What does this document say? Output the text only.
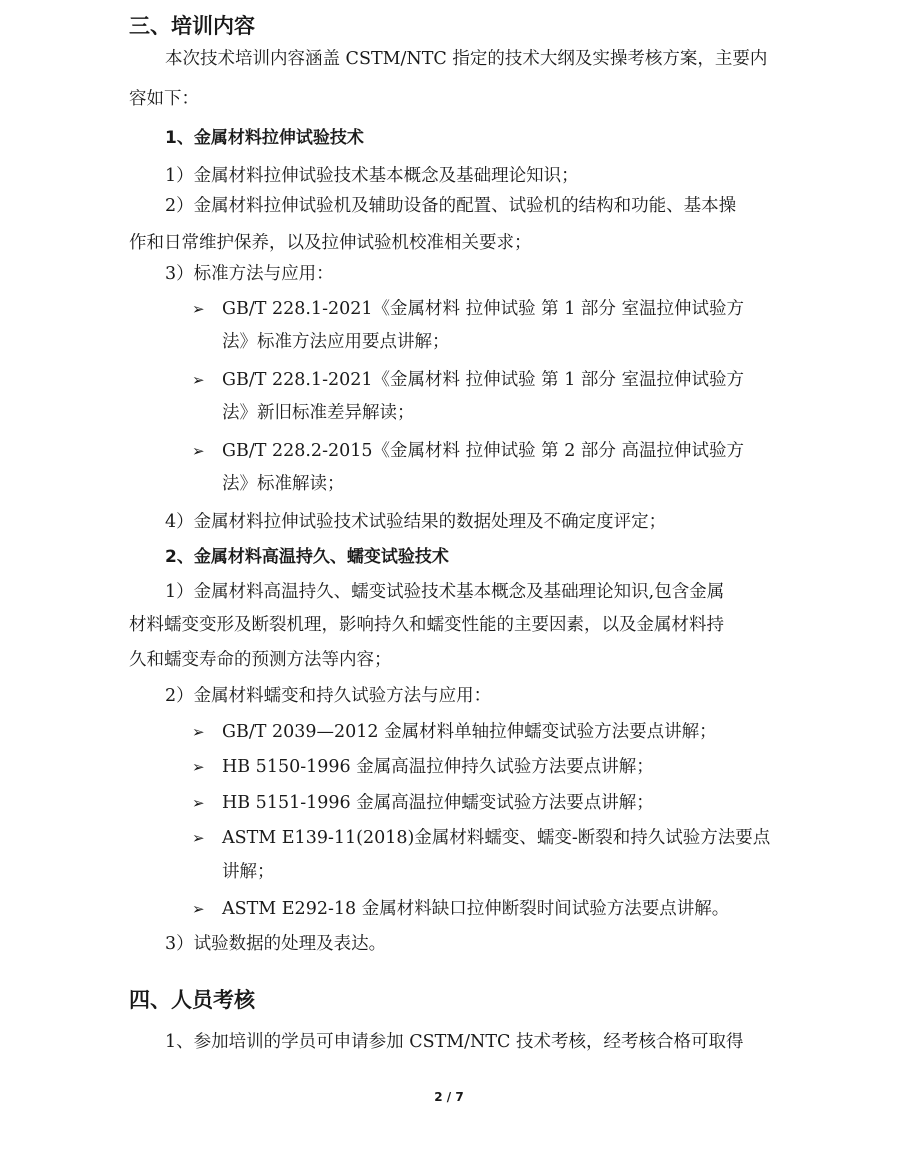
三、培训内容
本次技术培训内容涵盖 CSTM/NTC 指定的技术大纲及实操考核方案，主要内
容如下：
1、金属材料拉伸试验技术
1）金属材料拉伸试验技术基本概念及基础理论知识；
2）金属材料拉伸试验机及辅助设备的配置、试验机的结构和功能、基本操
作和日常维护保养，以及拉伸试验机校准相关要求；
3）标准方法与应用：
➢ GB/T 228.1-2021《金属材料 拉伸试验 第 1 部分 室温拉伸试验方
法》标准方法应用要点讲解；
➢ GB/T 228.1-2021《金属材料 拉伸试验 第 1 部分 室温拉伸试验方
法》新旧标准差异解读；
➢ GB/T 228.2-2015《金属材料 拉伸试验 第 2 部分 高温拉伸试验方
法》标准解读；
4）金属材料拉伸试验技术试验结果的数据处理及不确定度评定；
2、金属材料高温持久、蠕变试验技术
1）金属材料高温持久、蠕变试验技术基本概念及基础理论知识,包含金属
材料蠕变变形及断裂机理，影响持久和蠕变性能的主要因素，以及金属材料持
久和蠕变寿命的预测方法等内容；
2）金属材料蠕变和持久试验方法与应用：
➢ GB/T 2039—2012 金属材料单轴拉伸蠕变试验方法要点讲解；
➢ HB 5150-1996 金属高温拉伸持久试验方法要点讲解；
➢ HB 5151-1996 金属高温拉伸蠕变试验方法要点讲解；
➢ ASTM E139-11(2018)金属材料蠕变、蠕变-断裂和持久试验方法要点
讲解；
➢ ASTM E292-18 金属材料缺口拉伸断裂时间试验方法要点讲解。
3）试验数据的处理及表达。
四、人员考核
1、参加培训的学员可申请参加 CSTM/NTC 技术考核，经考核合格可取得
2 / 7
